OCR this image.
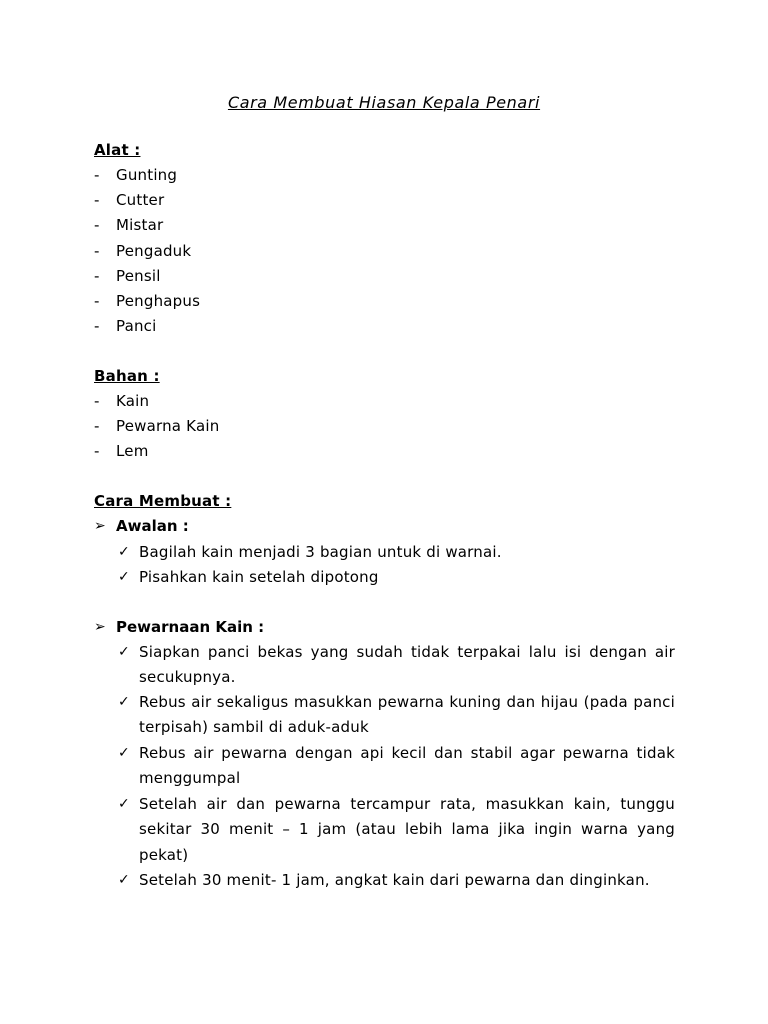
Cara Membuat Hiasan Kepala Penari
Alat :
- Gunting
- Cutter
- Mistar
- Pengaduk
- Pensil
- Penghapus
- Panci
Bahan :
- Kain
- Pewarna Kain
- Lem
Cara Membuat :
➢ Awalan :
✓ Bagilah kain menjadi 3 bagian untuk di warnai.
✓ Pisahkan kain setelah dipotong
➢ Pewarnaan Kain :
✓ Siapkan panci bekas yang sudah tidak terpakai lalu isi dengan air secukupnya.
✓ Rebus air sekaligus masukkan pewarna kuning dan hijau (pada panci terpisah) sambil di aduk-aduk
✓ Rebus air pewarna dengan api kecil dan stabil agar pewarna tidak menggumpal
✓ Setelah air dan pewarna tercampur rata, masukkan kain, tunggu sekitar 30 menit – 1 jam (atau lebih lama jika ingin warna yang pekat)
✓ Setelah 30 menit- 1 jam, angkat kain dari pewarna dan dinginkan.
